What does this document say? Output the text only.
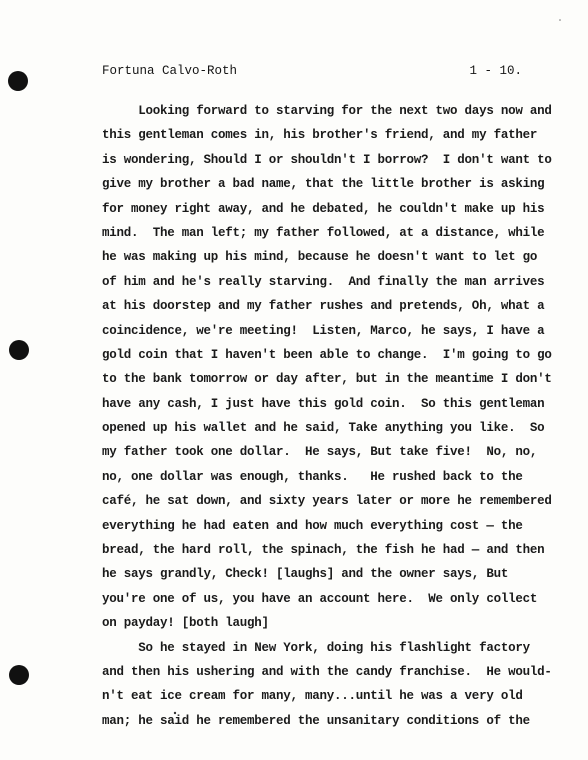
Fortuna Calvo-Roth	1 - 10.
Looking forward to starving for the next two days now and
this gentleman comes in, his brother's friend, and my father
is wondering, Should I or shouldn't I borrow?  I don't want to
give my brother a bad name, that the little brother is asking
for money right away, and he debated, he couldn't make up his
mind.  The man left; my father followed, at a distance, while
he was making up his mind, because he doesn't want to let go
of him and he's really starving.  And finally the man arrives
at his doorstep and my father rushes and pretends, Oh, what a
coincidence, we're meeting!  Listen, Marco, he says, I have a
gold coin that I haven't been able to change.  I'm going to go
to the bank tomorrow or day after, but in the meantime I don't
have any cash, I just have this gold coin.  So this gentleman
opened up his wallet and he said, Take anything you like.  So
my father took one dollar.  He says, But take five!  No, no,
no, one dollar was enough, thanks.   He rushed back to the
café, he sat down, and sixty years later or more he remembered
everything he had eaten and how much everything cost — the
bread, the hard roll, the spinach, the fish he had — and then
he says grandly, Check! [laughs] and the owner says, But
you're one of us, you have an account here.  We only collect
on payday! [both laugh]
So he stayed in New York, doing his flashlight factory
and then his ushering and with the candy franchise.  He would-
n't eat ice cream for many, many...until he was a very old
man; he said he remembered the unsanitary conditions of the
